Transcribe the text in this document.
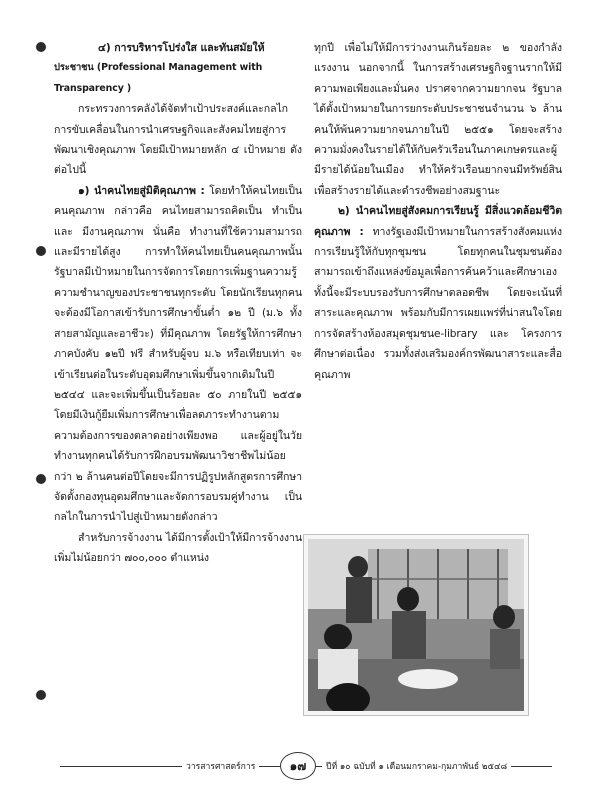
๔) การบริหารโปร่งใส และทันสมัยให้

ประชาชน (Professional Management with

Transparency )

กระทรวงการคลังได้จัดทำเป้าประสงค์และกลไกการขับเคลื่อนในการนำเศรษฐกิจและสังคมไทยสู่การพัฒนาเชิงคุณภาพ โดยมีเป้าหมายหลัก ๔ เป้าหมาย ดังต่อไปนี้

๑) นำคนไทยสู่มิติคุณภาพ : โดยทำให้คนไทยเป็น คนคุณภาพ กล่าวคือ คนไทยสามารถคิดเป็น ทำเป็น และ มีงานคุณภาพ นั่นคือ ทำงานที่ใช้ความสามารถและมีรายได้สูง การทำให้คนไทยเป็นคนคุณภาพนั้น รัฐบาลมีเป้าหมายในการจัดการโดยการเพิ่มฐานความรู้ความชำนาญของประชาชนทุกระดับ โดยนักเรียนทุกคนจะต้องมีโอกาสเข้ารับการศึกษาขั้นต่ำ ๑๒ ปี (ม.๖ ทั้งสายสามัญและอาชีวะ) ที่มีคุณภาพ โดยรัฐให้การศึกษาภาคบังคับ ๑๒ปี ฟรี สำหรับผู้จบ ม.๖ หรือเทียบเท่า จะเข้าเรียนต่อในระดับอุดมศึกษาเพิ่มขึ้นจากเดิมในปี ๒๕๔๔ และจะเพิ่มขึ้นเป็นร้อยละ ๕๐ ภายในปี ๒๕๕๑ โดยมีเงินกู้ยืมเพิ่มการศึกษาเพื่อลดภาระทำงานตามความต้องการของตลาดอย่างเพียงพอ และผู้อยู่ในวัยทำงานทุกคนได้รับการฝึกอบรมพัฒนาวิชาชีพไม่น้อยกว่า ๒ ล้านคนต่อปีโดยจะมีการปฏิรูปหลักสูตรการศึกษาจัดตั้งกองทุนอุดมศึกษาและจัดการอบรมคู่ทำงาน เป็นกลไกในการนำไปสู่เป้าหมายดังกล่าว

สำหรับการจ้างงาน ได้มีการตั้งเป้าให้มีการจ้างงานเพิ่มไม่น้อยกว่า ๗๐๐,๐๐๐ ตำแหน่ง

ทุกปี เพื่อไม่ให้มีการว่างงานเกินร้อยละ ๒ ของกำลังแรงงาน นอกจากนี้ ในการสร้างเศรษฐกิจฐานรากให้มีความพอเพียงและมั่นคง ปราศจากความยากจน รัฐบาลได้ตั้งเป้าหมายในการยกระดับประชาชนจำนวน ๖ ล้านคนให้พ้นความยากจนภายในปี ๒๕๕๑ โดยจะสร้างความมั่งคงในรายได้ให้กับครัวเรือนในภาคเกษตรและผู้มีรายได้น้อยในเมือง ทำให้ครัวเรือนยากจนมีทรัพย์สินเพื่อสร้างรายได้และดำรงชีพอย่างสมฐานะ

๒) นำคนไทยสู่สังคมการเรียนรู้ มีสิ่งแวดล้อมชีวิตคุณภาพ : ทางรัฐเองมีเป้าหมายในการสร้างสังคมแห่งการเรียนรู้ให้กับทุกชุมชน โดยทุกคนในชุมชนต้อง สามารถเข้าถึงแหล่งข้อมูลเพื่อการค้นคว้าและศึกษาเอง ทั้งนี้จะมีระบบรองรับการศึกษาตลอดชีพ โดยจะเน้นที่สาระและคุณภาพ พร้อมกับมีการเผยแพร่ที่น่าสนใจโดยการจัดสร้างห้องสมุดชุมชนe-library และ โครงการศึกษาต่อเนื่อง รวมทั้งส่งเสริมองค์กรพัฒนาสาระและสื่อคุณภาพ

วารสารศาสตร์การ	๑๗	ปีที่ ๑๐ ฉบับที่ ๑ เดือนมกราคม-กุมภาพันธ์ ๒๕๔๘
